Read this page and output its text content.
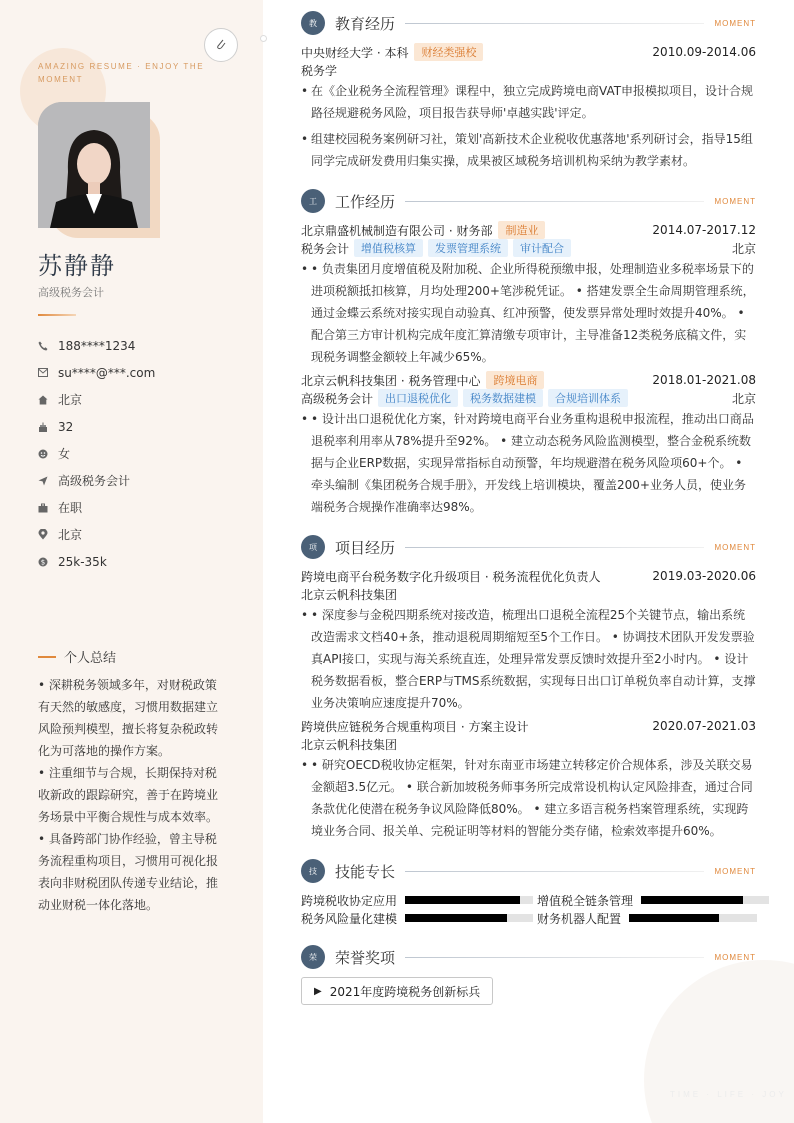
AMAZING RESUME · ENJOY THE MOMENT
苏静静
高级税务会计
188****1234
su****@***.com
北京
32
女
高级税务会计
在职
北京
$ 25k-35k
个人总结

• 深耕税务领域多年，对财税政策有天然的敏感度，习惯用数据建立风险预判模型，擅长将复杂税政转化为可落地的操作方案。

• 注重细节与合规，长期保持对税收新政的跟踪研究，善于在跨境业务场景中平衡合规性与成本效率。

• 具备跨部门协作经验，曾主导税务流程重构项目，习惯用可视化报表向非财税团队传递专业结论，推动业财税一体化落地。

TIME · LIFE · JOY
教	教育经历	MOMENT
中央财经大学 · 本科	财经类强校	2010.09-2014.06
税务学
• 在《企业税务全流程管理》课程中，独立完成跨境电商VAT申报模拟项目，设计合规路径规避税务风险，项目报告获导师'卓越实践'评定。
• 组建校园税务案例研习社，策划'高新技术企业税收优惠落地'系列研讨会，指导15组同学完成研发费用归集实操，成果被区域税务培训机构采纳为教学素材。
工	工作经历	MOMENT
北京鼎盛机械制造有限公司 · 财务部	制造业	2014.07-2017.12
税务会计	增值税核算	发票管理系统	审计配合	北京
• • 负责集团月度增值税及附加税、企业所得税预缴申报，处理制造业多税率场景下的进项税额抵扣核算，月均处理200+笔涉税凭证。 • 搭建发票全生命周期管理系统，通过金蝶云系统对接实现自动验真、红冲预警，使发票异常处理时效提升40%。 • 配合第三方审计机构完成年度汇算清缴专项审计，主导准备12类税务底稿文件，实现税务调整金额较上年减少65%。
北京云帆科技集团 · 税务管理中心	跨境电商	2018.01-2021.08
高级税务会计	出口退税优化	税务数据建模	合规培训体系	北京
• • 设计出口退税优化方案，针对跨境电商平台业务重构退税申报流程，推动出口商品退税率利用率从78%提升至92%。 • 建立动态税务风险监测模型，整合金税系统数据与企业ERP数据，实现异常指标自动预警，年均规避潜在税务风险项60+个。 • 牵头编制《集团税务合规手册》，开发线上培训模块，覆盖200+业务人员，使业务端税务合规操作准确率达98%。
项	项目经历	MOMENT
跨境电商平台税务数字化升级项目 · 税务流程优化负责人	2019.03-2020.06
北京云帆科技集团
• • 深度参与金税四期系统对接改造，梳理出口退税全流程25个关键节点，输出系统改造需求文档40+条，推动退税周期缩短至5个工作日。 • 协调技术团队开发发票验真API接口，实现与海关系统直连，处理异常发票反馈时效提升至2小时内。 • 设计税务数据看板，整合ERP与TMS系统数据，实现每日出口订单税负率自动计算，支撑业务决策响应速度提升70%。
跨境供应链税务合规重构项目 · 方案主设计	2020.07-2021.03
北京云帆科技集团
• • 研究OECD税收协定框架，针对东南亚市场建立转移定价合规体系，涉及关联交易金额超3.5亿元。 • 联合新加坡税务师事务所完成常设机构认定风险排查，通过合同条款优化使潜在税务争议风险降低80%。 • 建立多语言税务档案管理系统，实现跨境业务合同、报关单、完税证明等材料的智能分类存储，检索效率提升60%。
技	技能专长	MOMENT
跨境税收协定应用	增值税全链条管理
税务风险量化建模	财务机器人配置
荣	荣誉奖项	MOMENT
▶ 2021年度跨境税务创新标兵
